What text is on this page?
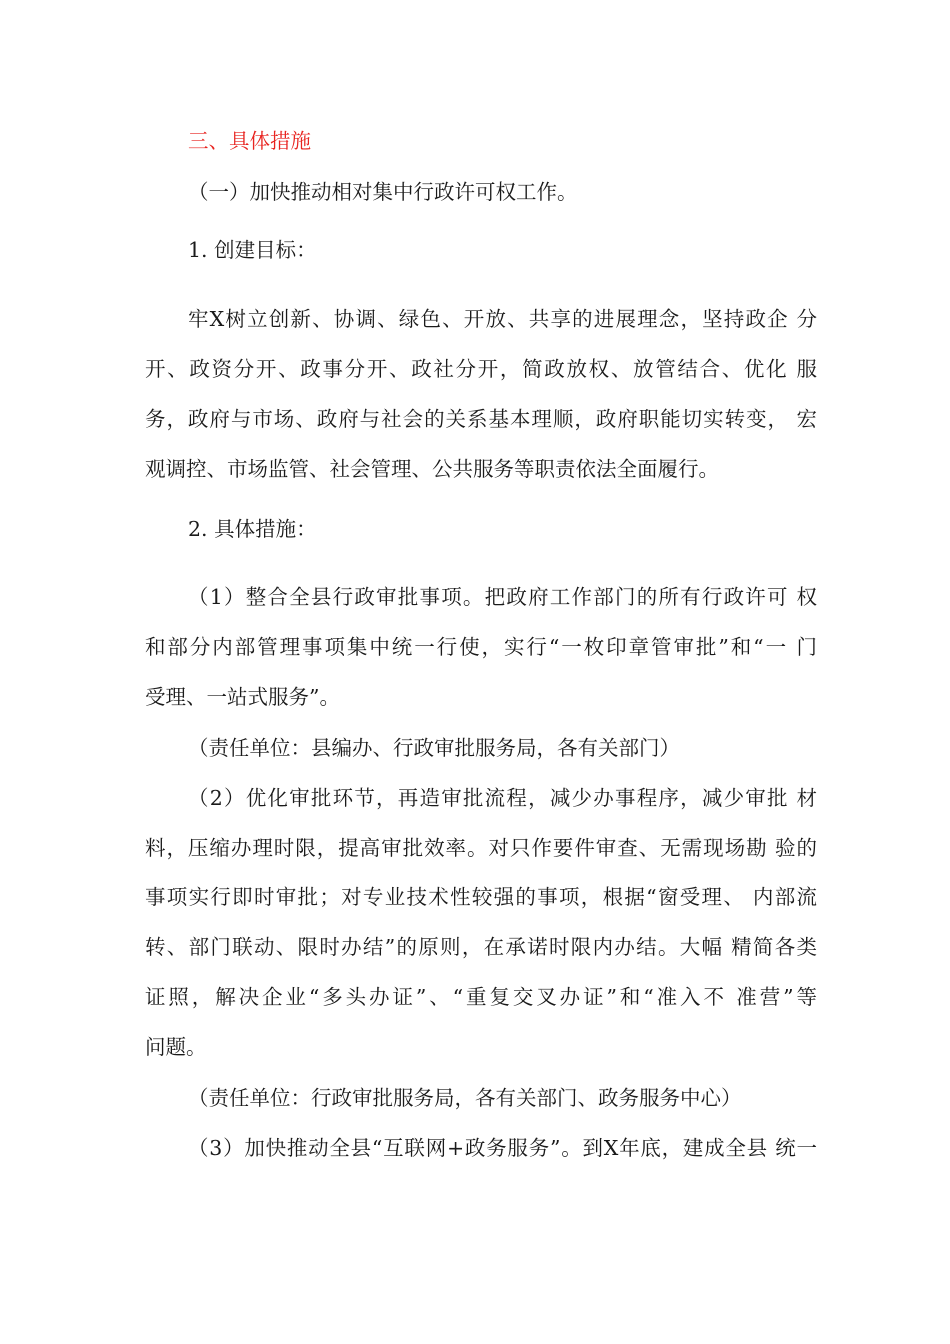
三、具体措施

（一）加快推动相对集中行政许可权工作。

1. 创建目标：

牢X树立创新、协调、绿色、开放、共享的进展理念，坚持政企 分

开、政资分开、政事分开、政社分开，简政放权、放管结合、优化 服

务，政府与市场、政府与社会的关系基本理顺，政府职能切实转变， 宏

观调控、市场监管、社会管理、公共服务等职责依法全面履行。

2. 具体措施：

（1）整合全县行政审批事项。把政府工作部门的所有行政许可 权

和部分内部管理事项集中统一行使，实行“一枚印章管审批”和“一 门

受理、一站式服务”。

（责任单位：县编办、行政审批服务局，各有关部门）

（2）优化审批环节，再造审批流程，减少办事程序，减少审批 材

料，压缩办理时限，提高审批效率。对只作要件审查、无需现场勘 验的

事项实行即时审批；对专业技术性较强的事项，根据“窗受理、 内部流

转、部门联动、限时办结”的原则，在承诺时限内办结。大幅 精简各类

证照，解决企业“多头办证”、“重复交叉办证”和“准入不 准营”等

问题。

（责任单位：行政审批服务局，各有关部门、政务服务中心）

（3）加快推动全县“互联网+政务服务”。到X年底，建成全县 统一
